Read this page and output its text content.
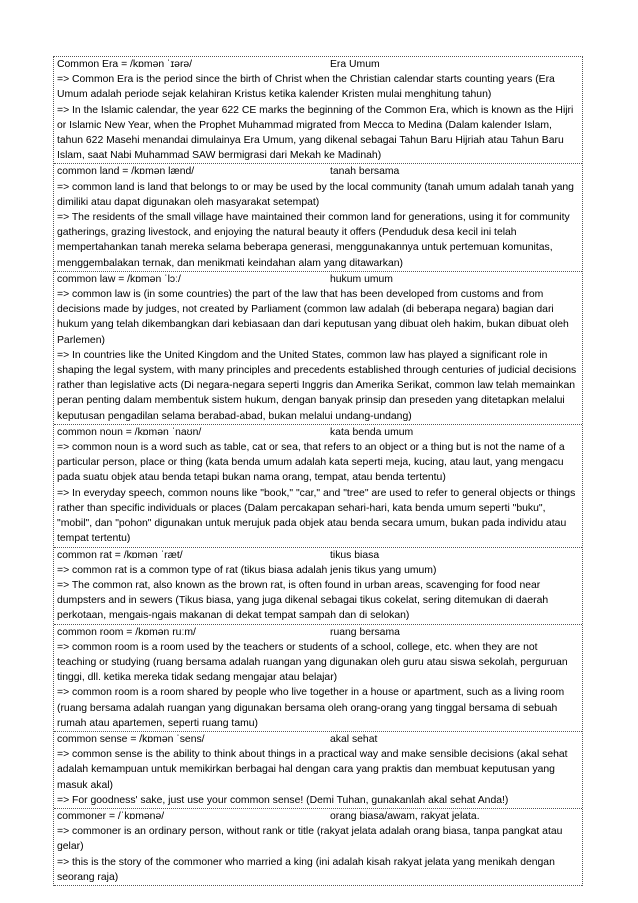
Common Era = /kɒmən ˈɪərə/	Era Umum
=> Common Era is the period since the birth of Christ when the Christian calendar starts counting years (Era Umum adalah periode sejak kelahiran Kristus ketika kalender Kristen mulai menghitung tahun)
=> In the Islamic calendar, the year 622 CE marks the beginning of the Common Era, which is known as the Hijri or Islamic New Year, when the Prophet Muhammad migrated from Mecca to Medina (Dalam kalender Islam, tahun 622 Masehi menandai dimulainya Era Umum, yang dikenal sebagai Tahun Baru Hijriah atau Tahun Baru Islam, saat Nabi Muhammad SAW bermigrasi dari Mekah ke Madinah)
common land = /kɒmən lænd/	tanah bersama
=> common land is land that belongs to or may be used by the local community (tanah umum adalah tanah yang dimiliki atau dapat digunakan oleh masyarakat setempat)
=> The residents of the small village have maintained their common land for generations, using it for community gatherings, grazing livestock, and enjoying the natural beauty it offers (Penduduk desa kecil ini telah mempertahankan tanah mereka selama beberapa generasi, menggunakannya untuk pertemuan komunitas, menggembalakan ternak, dan menikmati keindahan alam yang ditawarkan)
common law = /kɒmən ˈlɔː/	hukum umum
=> common law is (in some countries) the part of the law that has been developed from customs and from decisions made by judges, not created by Parliament (common law adalah (di beberapa negara) bagian dari hukum yang telah dikembangkan dari kebiasaan dan dari keputusan yang dibuat oleh hakim, bukan dibuat oleh Parlemen)
=> In countries like the United Kingdom and the United States, common law has played a significant role in shaping the legal system, with many principles and precedents established through centuries of judicial decisions rather than legislative acts (Di negara-negara seperti Inggris dan Amerika Serikat, common law telah memainkan peran penting dalam membentuk sistem hukum, dengan banyak prinsip dan preseden yang ditetapkan melalui keputusan pengadilan selama berabad-abad, bukan melalui undang-undang)
common noun = /kɒmən ˈnaʊn/	kata benda umum
=> common noun is a word such as table, cat or sea, that refers to an object or a thing but is not the name of a particular person, place or thing (kata benda umum adalah kata seperti meja, kucing, atau laut, yang mengacu pada suatu objek atau benda tetapi bukan nama orang, tempat, atau benda tertentu)
=> In everyday speech, common nouns like "book," "car," and "tree" are used to refer to general objects or things rather than specific individuals or places (Dalam percakapan sehari-hari, kata benda umum seperti "buku", "mobil", dan "pohon" digunakan untuk merujuk pada objek atau benda secara umum, bukan pada individu atau tempat tertentu)
common rat = /kɒmən ˈræt/	tikus biasa
=> common rat is a common type of rat (tikus biasa adalah jenis tikus yang umum)
=> The common rat, also known as the brown rat, is often found in urban areas, scavenging for food near dumpsters and in sewers (Tikus biasa, yang juga dikenal sebagai tikus cokelat, sering ditemukan di daerah perkotaan, mengais-ngais makanan di dekat tempat sampah dan di selokan)
common room = /kɒmən ruːm/	ruang bersama
=> common room is a room used by the teachers or students of a school, college, etc. when they are not teaching or studying (ruang bersama adalah ruangan yang digunakan oleh guru atau siswa sekolah, perguruan tinggi, dll. ketika mereka tidak sedang mengajar atau belajar)
=> common room is a room shared by people who live together in a house or apartment, such as a living room (ruang bersama adalah ruangan yang digunakan bersama oleh orang-orang yang tinggal bersama di sebuah rumah atau apartemen, seperti ruang tamu)
common sense = /kɒmən ˈsens/	akal sehat
=> common sense is the ability to think about things in a practical way and make sensible decisions (akal sehat adalah kemampuan untuk memikirkan berbagai hal dengan cara yang praktis dan membuat keputusan yang masuk akal)
=> For goodness' sake, just use your common sense! (Demi Tuhan, gunakanlah akal sehat Anda!)
commoner = /ˈkɒmənə/	orang biasa/awam, rakyat jelata.
=> commoner is an ordinary person, without rank or title (rakyat jelata adalah orang biasa, tanpa pangkat atau gelar)
=> this is the story of the commoner who married a king (ini adalah kisah rakyat jelata yang menikah dengan seorang raja)
